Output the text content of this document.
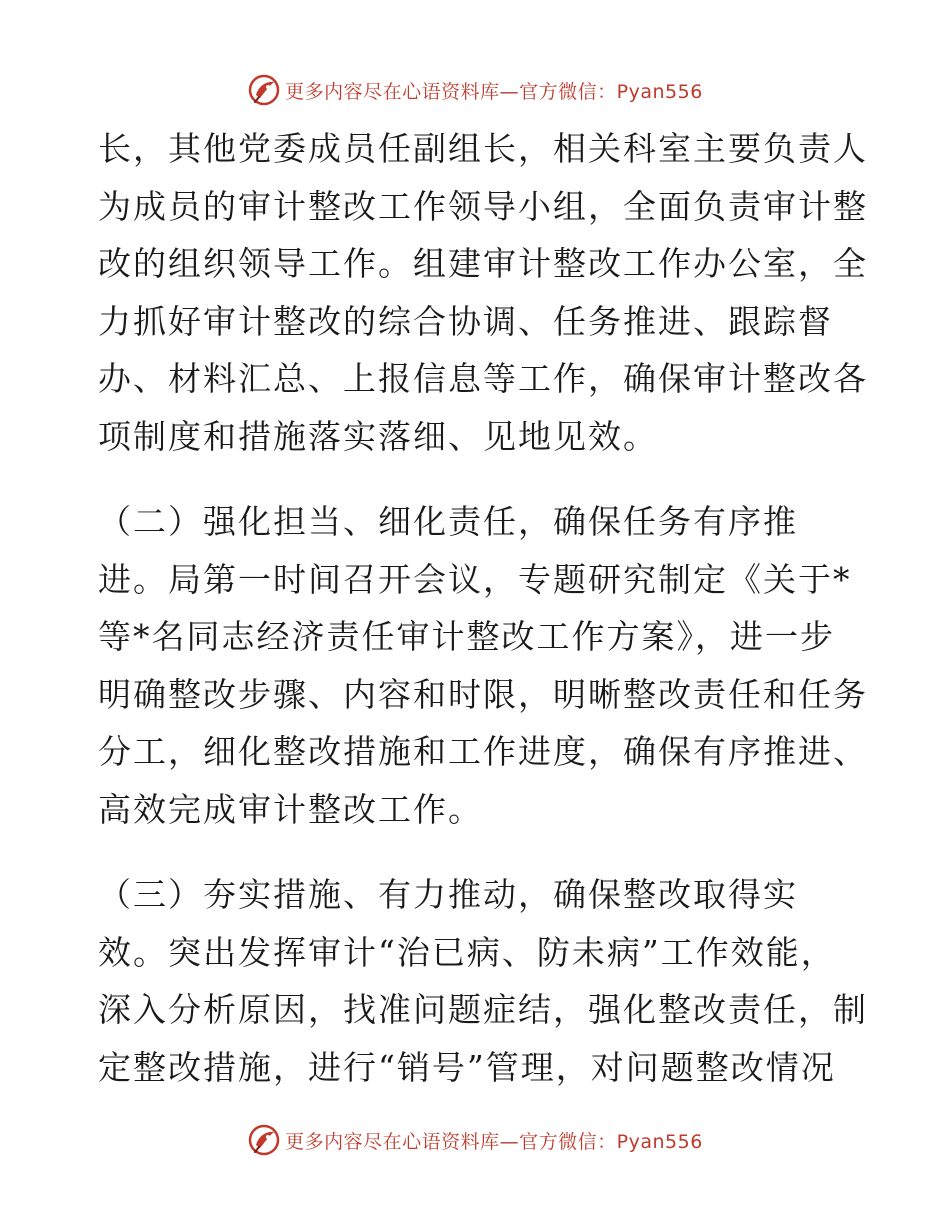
更多内容尽在心语资料库—官方微信：Pyan556
长，其他党委成员任副组长，相关科室主要负责人
为成员的审计整改工作领导小组，全面负责审计整
改的组织领导工作。组建审计整改工作办公室，全
力抓好审计整改的综合协调、任务推进、跟踪督
办、材料汇总、上报信息等工作，确保审计整改各
项制度和措施落实落细、见地见效。
（二）强化担当、细化责任，确保任务有序推
进。局第一时间召开会议，专题研究制定《关于*
等*名同志经济责任审计整改工作方案》，进一步
明确整改步骤、内容和时限，明晰整改责任和任务
分工，细化整改措施和工作进度，确保有序推进、
高效完成审计整改工作。
（三）夯实措施、有力推动，确保整改取得实
效。突出发挥审计“治已病、防未病”工作效能，
深入分析原因，找准问题症结，强化整改责任，制
定整改措施，进行“销号”管理，对问题整改情况
更多内容尽在心语资料库—官方微信：Pyan556
